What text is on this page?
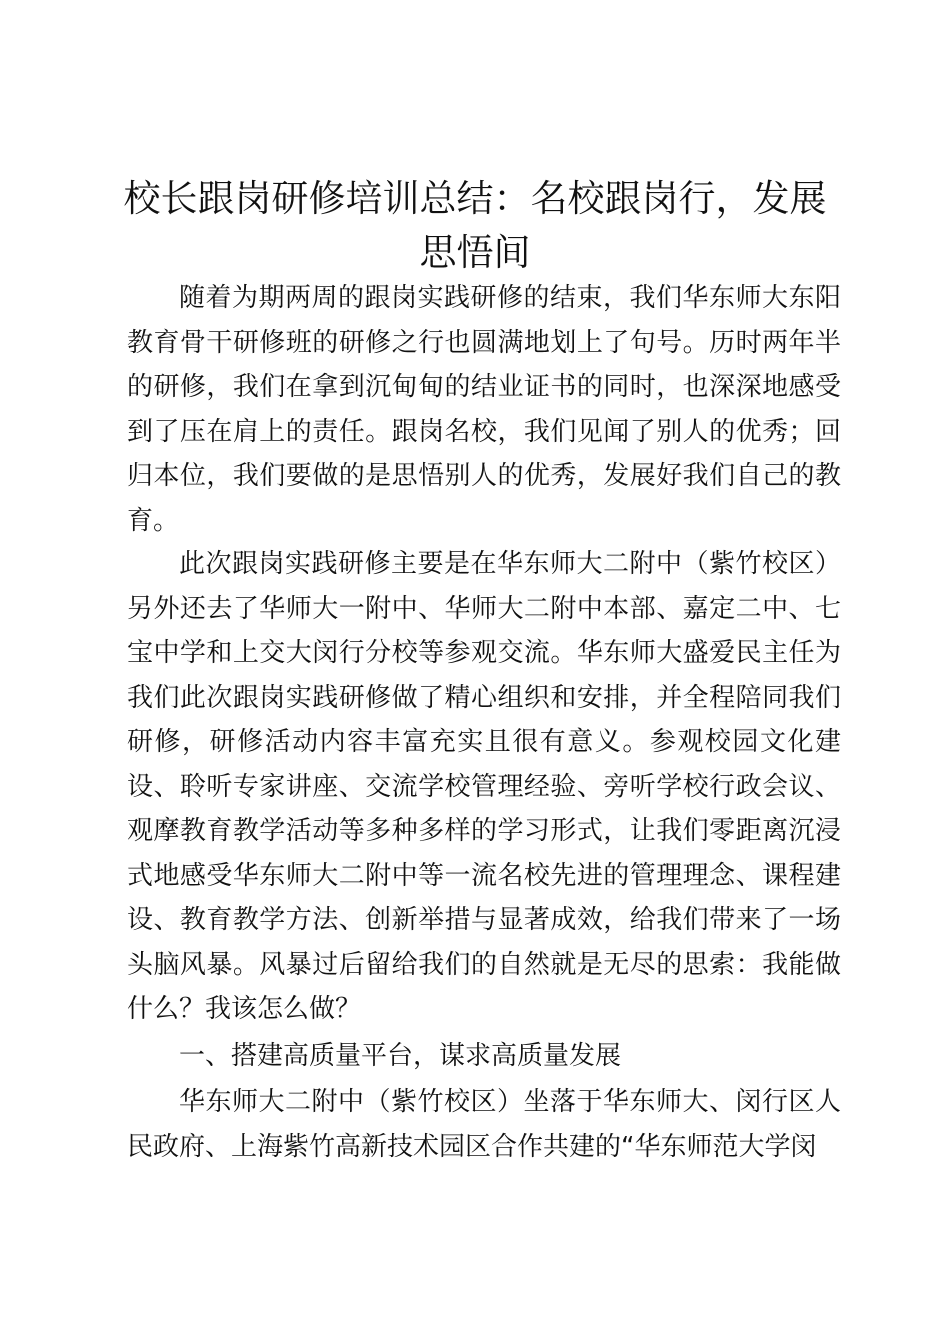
校长跟岗研修培训总结：名校跟岗行，发展思悟间

随着为期两周的跟岗实践研修的结束，我们华东师大东阳教育骨干研修班的研修之行也圆满地划上了句号。历时两年半的研修，我们在拿到沉甸甸的结业证书的同时，也深深地感受到了压在肩上的责任。跟岗名校，我们见闻了别人的优秀；回归本位，我们要做的是思悟别人的优秀，发展好我们自己的教育。

此次跟岗实践研修主要是在华东师大二附中（紫竹校区）另外还去了华师大一附中、华师大二附中本部、嘉定二中、七宝中学和上交大闵行分校等参观交流。华东师大盛爱民主任为我们此次跟岗实践研修做了精心组织和安排，并全程陪同我们研修，研修活动内容丰富充实且很有意义。参观校园文化建设、聆听专家讲座、交流学校管理经验、旁听学校行政会议、观摩教育教学活动等多种多样的学习形式，让我们零距离沉浸式地感受华东师大二附中等一流名校先进的管理理念、课程建设、教育教学方法、创新举措与显著成效，给我们带来了一场头脑风暴。风暴过后留给我们的自然就是无尽的思索：我能做什么？我该怎么做？

一、搭建高质量平台，谋求高质量发展

华东师大二附中（紫竹校区）坐落于华东师大、闵行区人民政府、上海紫竹高新技术园区合作共建的“华东师范大学闵
